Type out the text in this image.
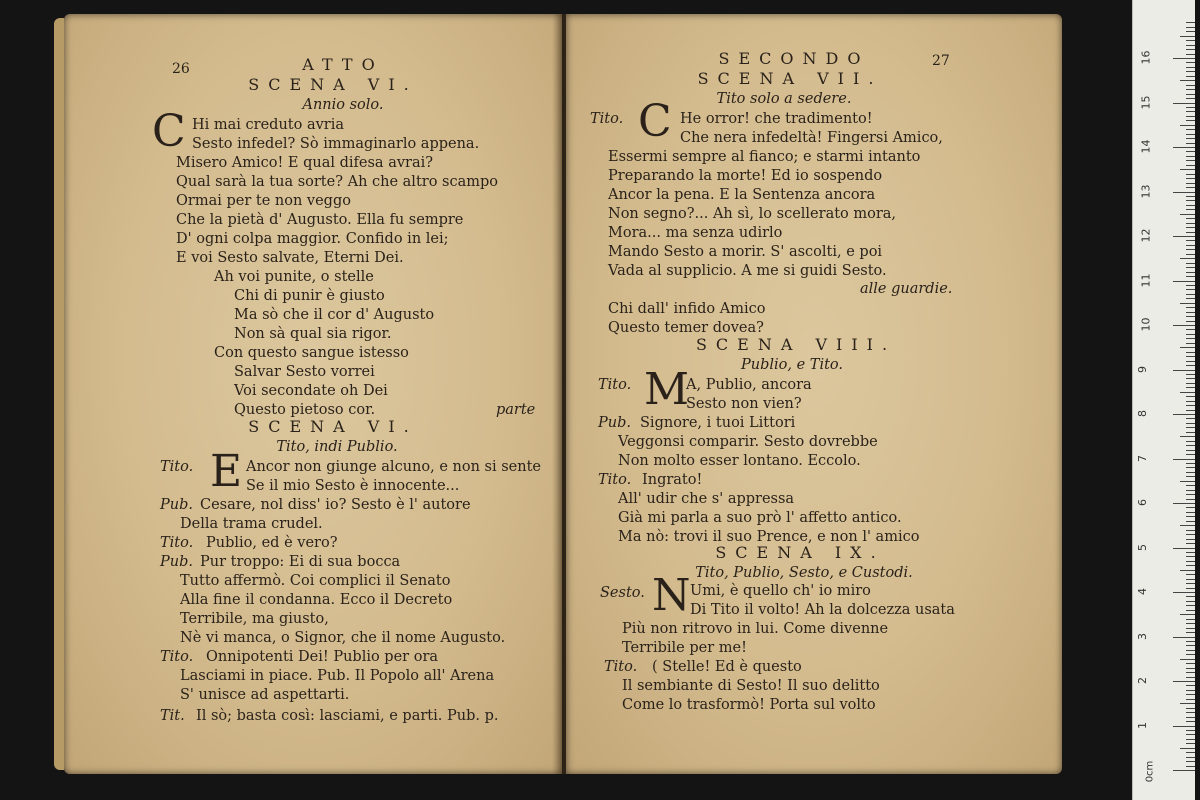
26	ATTO
SCENA VI.
Annio solo.
C Hi mai creduto avria
Sesto infedel? Sò immaginarlo appena.
Misero Amico! E qual difesa avrai?
Qual sarà la tua sorte? Ah che altro scampo
Ormai per te non veggo
Che la pietà d' Augusto. Ella fu sempre
D' ogni colpa maggior. Confido in lei;
E voi Sesto salvate, Eterni Dei.
Ah voi punite, o stelle
Chi di punir è giusto
Ma sò che il cor d' Augusto
Non sà qual sia rigor.
Con questo sangue istesso
Salvar Sesto vorrei
Voi secondate oh Dei
Questo pietoso cor.	parte
SCENA VI.
Tito, indi Publio.
Tito. E Ancor non giunge alcuno, e non si sente
Se il mio Sesto è innocente...
Pub. Cesare, nol diss' io? Sesto è l' autore
Della trama crudel.
Tito. Publio, ed è vero?
Pub. Pur troppo: Ei di sua bocca
Tutto affermò. Coi complici il Senato
Alla fine il condanna. Ecco il Decreto
Terribile, ma giusto,
Nè vi manca, o Signor, che il nome Augusto.
Tito. Onnipotenti Dei! Publio per ora
Lasciami in piace. Pub. Il Popolo all' Arena
S' unisce ad aspettarti.
Tit. Il sò; basta così: lasciami, e parti. Pub. p.
SECONDO	27
SCENA VII.
Tito solo a sedere.
Tito. C He orror! che tradimento!
Che nera infedeltà! Fingersi Amico,
Essermi sempre al fianco; e starmi intanto
Preparando la morte! Ed io sospendo
Ancor la pena. E la Sentenza ancora
Non segno?... Ah sì, lo scellerato mora,
Mora... ma senza udirlo
Mando Sesto a morir. S' ascolti, e poi
Vada al supplicio. A me si guidi Sesto.
alle guardie.
Chi dall' infido Amico
Questo temer dovea?
SCENA VIII.
Publio, e Tito.
Tito. M
A, Publio, ancora
Sesto non vien?
Pub. Signore, i tuoi Littori
Veggonsi comparir. Sesto dovrebbe
Non molto esser lontano. Eccolo.
Tito. Ingrato!
All' udir che s' appressa
Già mi parla a suo prò l' affetto antico.
Ma nò: trovi il suo Prence, e non l' amico
SCENA IX.
Tito, Publio, Sesto, e Custodi.
Sesto. N Umi, è quello ch' io miro
Di Tito il volto! Ah la dolcezza usata
Più non ritrovo in lui. Come divenne
Terribile per me!
Tito. ( Stelle! Ed è questo
Il sembiante di Sesto! Il suo delitto
Come lo trasformò! Porta sul volto
0cm
1
2
3
4
5
6
7
8
9
10
11
12
13
14
15
16
